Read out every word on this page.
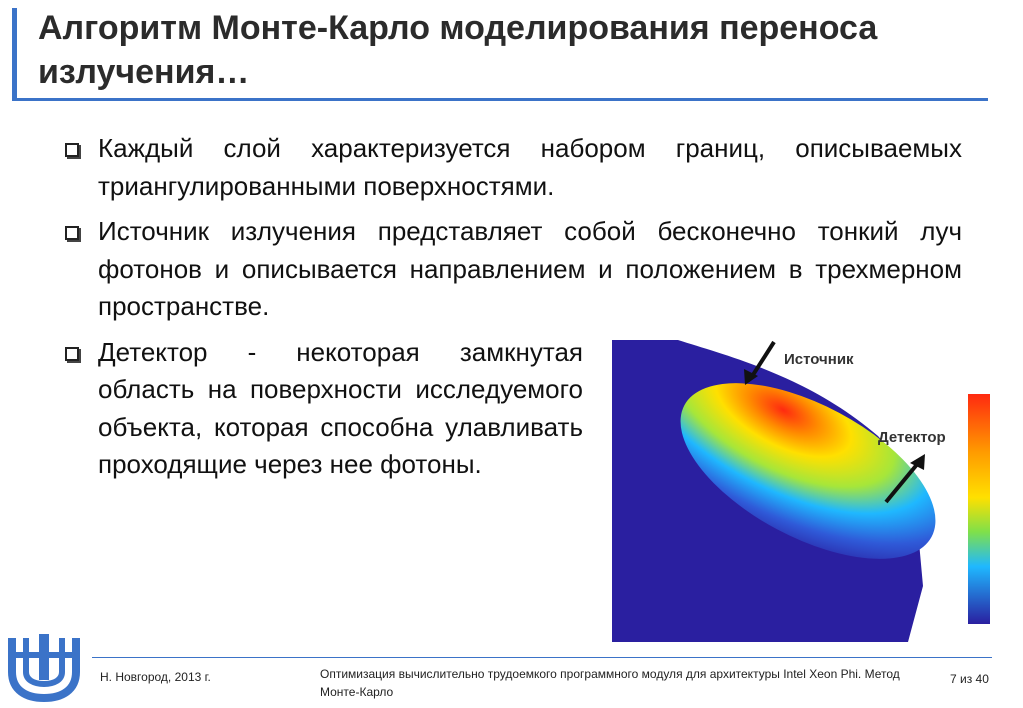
Алгоритм Монте-Карло моделирования переноса излучения…
Каждый слой характеризуется набором границ, описываемых триангулированными поверхностями.
Источник излучения представляет собой бесконечно тонкий луч фотонов и описывается направлением и положением в трехмерном пространстве.
Детектор - некоторая замкнутая область на поверхности исследуемого объекта, которая способна улавливать проходящие через нее фотоны.
Источник
Детектор
Н. Новгород, 2013 г.	Оптимизация вычислительно трудоемкого программного модуля для архитектуры Intel Xeon Phi. Метод Монте-Карло
7 из 40
